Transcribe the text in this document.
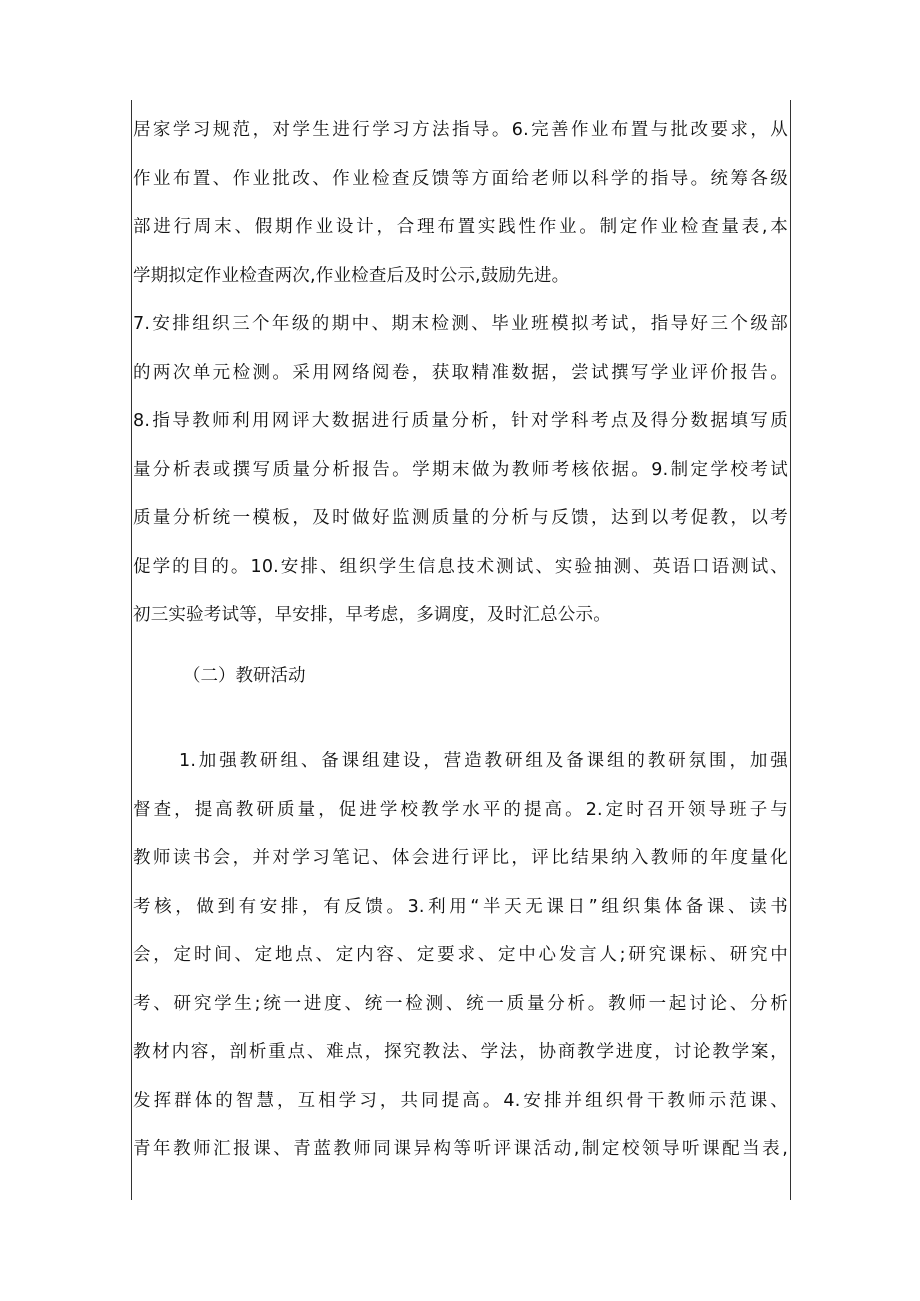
居家学习规范，对学生进行学习方法指导。6.完善作业布置与批改要求，从
作业布置、作业批改、作业检查反馈等方面给老师以科学的指导。统筹各级
部进行周末、假期作业设计，合理布置实践性作业。制定作业检查量表,本
学期拟定作业检查两次,作业检查后及时公示,鼓励先进。
7.安排组织三个年级的期中、期末检测、毕业班模拟考试，指导好三个级部
的两次单元检测。采用网络阅卷，获取精准数据，尝试撰写学业评价报告。
8.指导教师利用网评大数据进行质量分析，针对学科考点及得分数据填写质
量分析表或撰写质量分析报告。学期末做为教师考核依据。9.制定学校考试
质量分析统一模板，及时做好监测质量的分析与反馈，达到以考促教，以考
促学的目的。10.安排、组织学生信息技术测试、实验抽测、英语口语测试、
初三实验考试等，早安排，早考虑，多调度，及时汇总公示。
（二）教研活动
1.加强教研组、备课组建设，营造教研组及备课组的教研氛围，加强
督查，提高教研质量，促进学校教学水平的提高。2.定时召开领导班子与
教师读书会，并对学习笔记、体会进行评比，评比结果纳入教师的年度量化
考核，做到有安排，有反馈。3.利用“半天无课日”组织集体备课、读书
会，定时间、定地点、定内容、定要求、定中心发言人;研究课标、研究中
考、研究学生;统一进度、统一检测、统一质量分析。教师一起讨论、分析
教材内容，剖析重点、难点，探究教法、学法，协商教学进度，讨论教学案，
发挥群体的智慧，互相学习，共同提高。4.安排并组织骨干教师示范课、
青年教师汇报课、青蓝教师同课异构等听评课活动,制定校领导听课配当表,
